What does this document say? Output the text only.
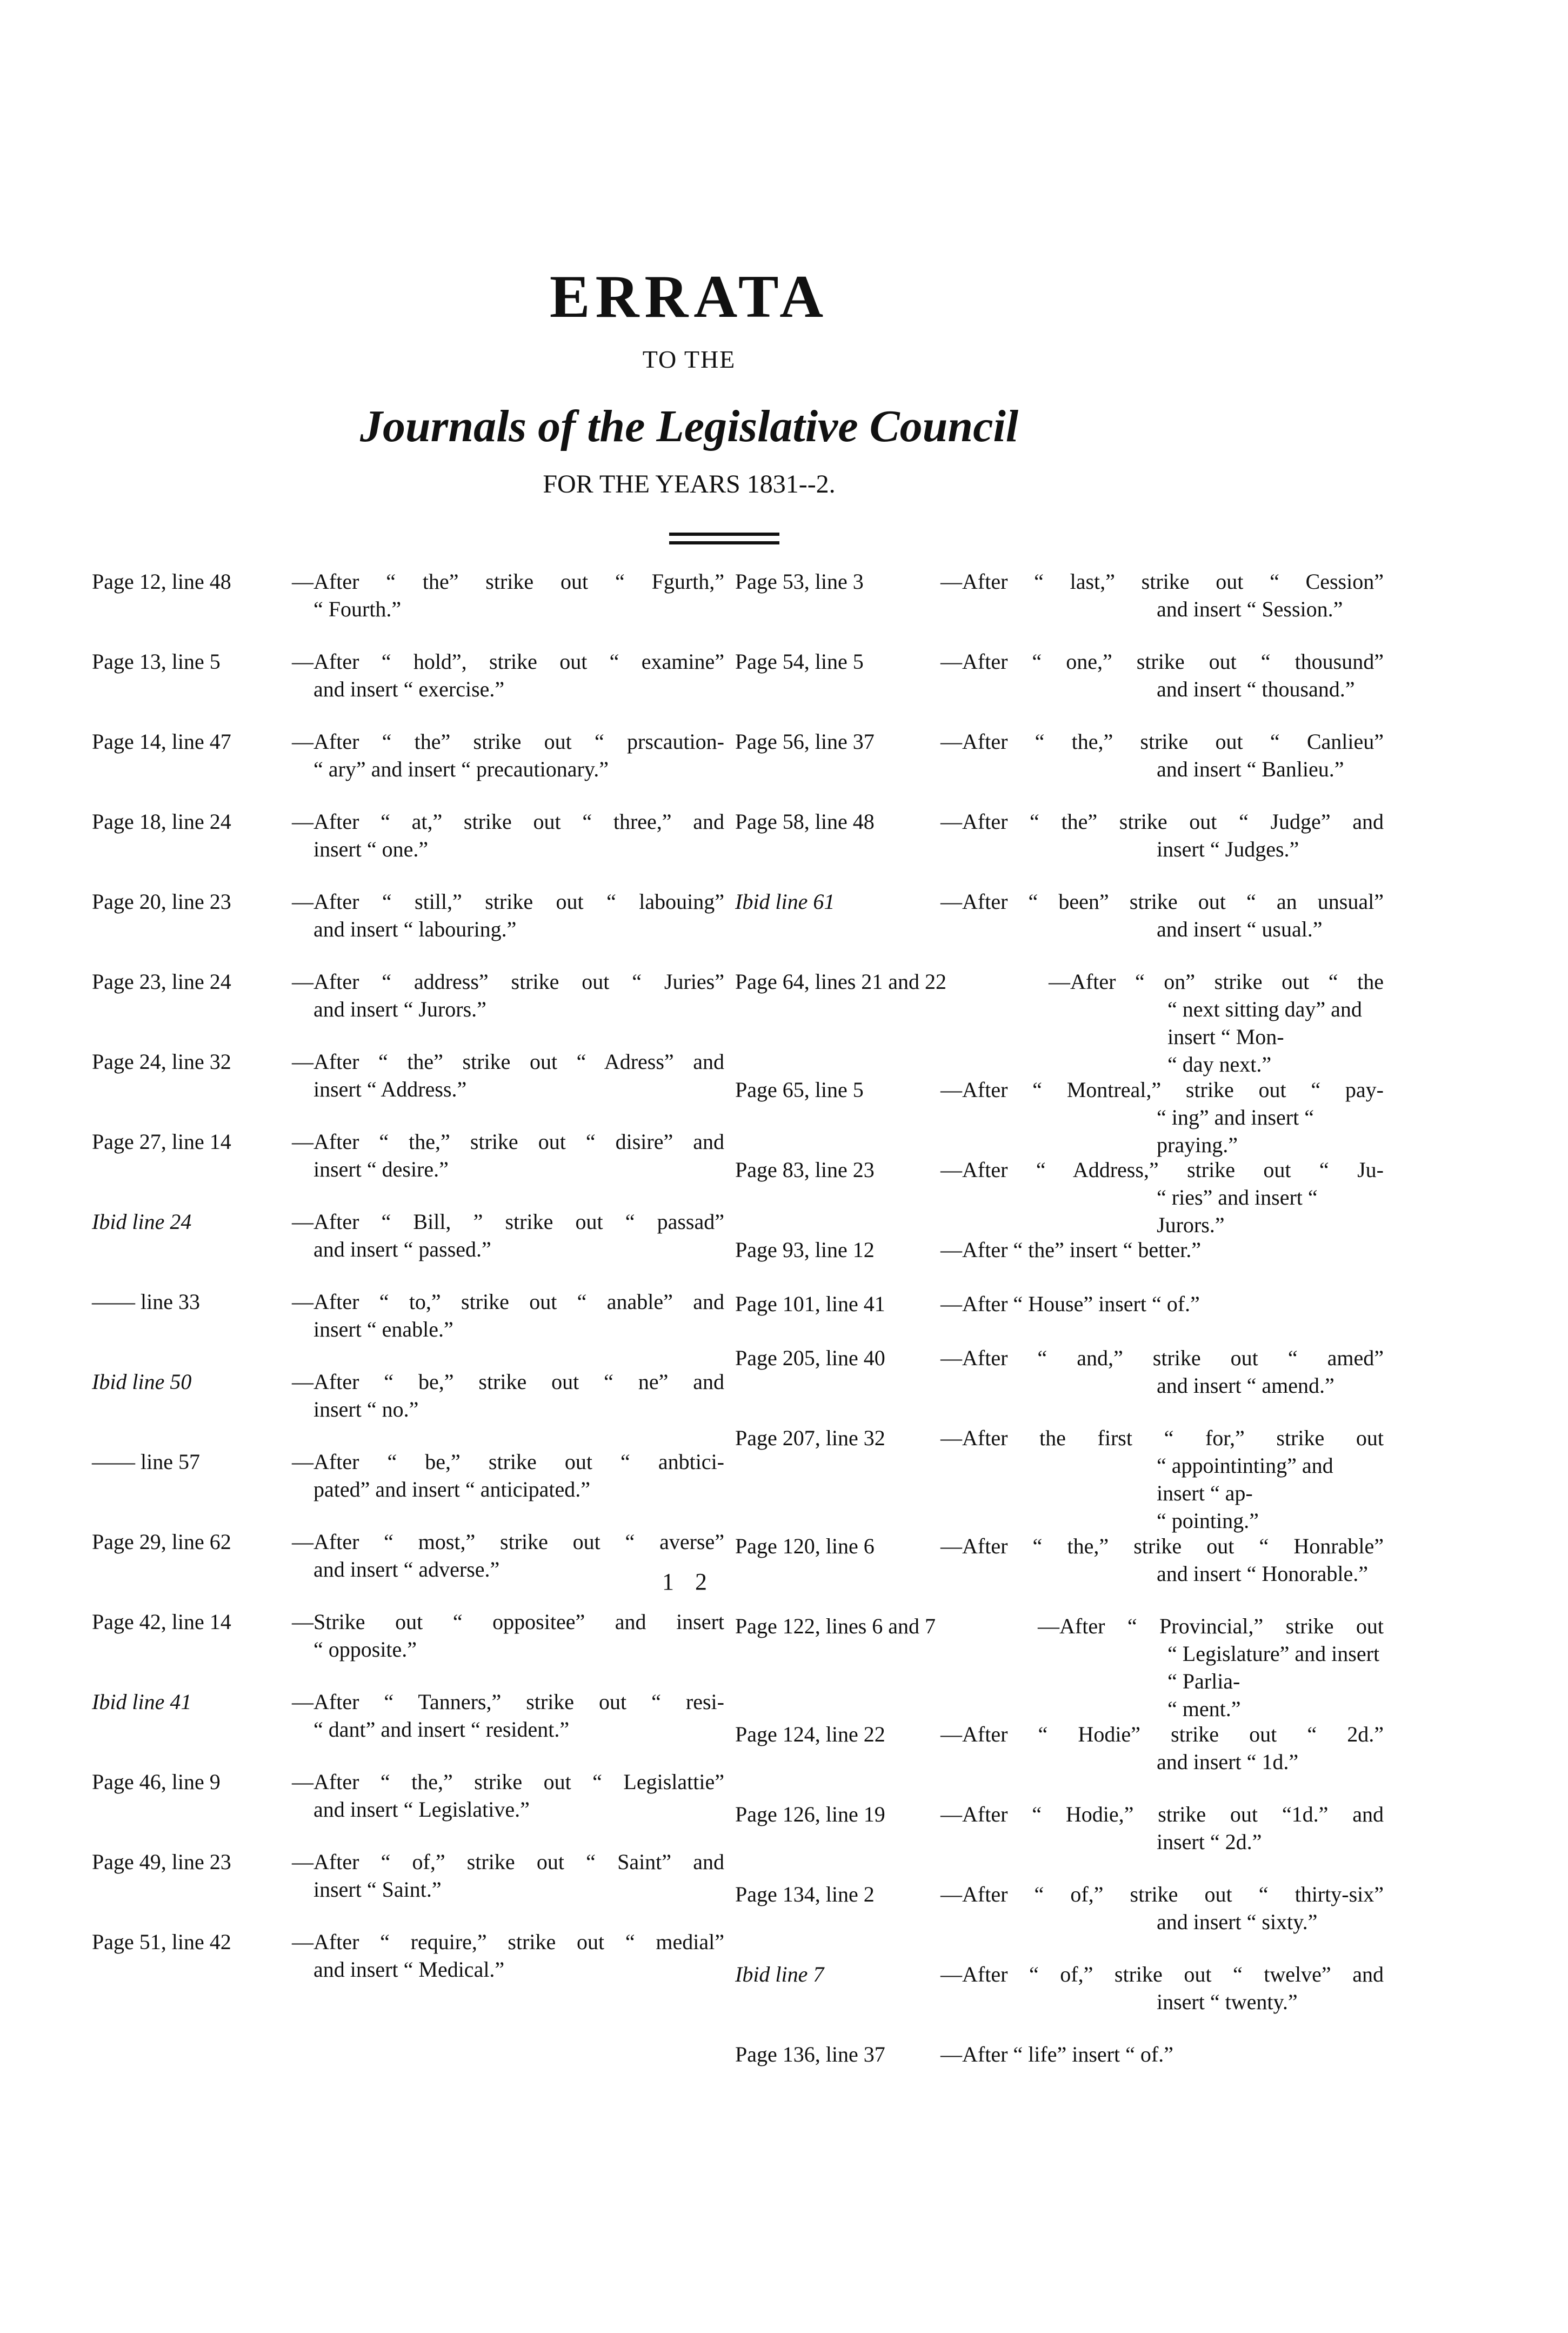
ERRATA
TO THE
Journals of the Legislative Council
FOR THE YEARS 1831--2.
Page 12, line 48	—After “ the” strike out “ Fgurth,”
“ Fourth.”
Page 13, line 5	—After “ hold”, strike out “ examine”
and insert “ exercise.”
Page 14, line 47	—After “ the” strike out “ prscaution-
“ ary” and insert “ precautionary.”
Page 18, line 24	—After “ at,” strike out “ three,” and
insert “ one.”
Page 20, line 23	—After “ still,” strike out “ labouing”
and insert “ labouring.”
Page 23, line 24	—After “ address” strike out “ Juries”
and insert “ Jurors.”
Page 24, line 32	—After “ the” strike out “ Adress” and
insert “ Address.”
Page 27, line 14	—After “ the,” strike out “ disire” and
insert “ desire.”
Ibid line 24	—After “ Bill, ” strike out “ passad”
and insert “ passed.”
—— line 33	—After “ to,” strike out “ anable” and
insert “ enable.”
Ibid line 50	—After “ be,” strike out “ ne” and
insert “ no.”
—— line 57	—After “ be,” strike out “ anbtici-
pated” and insert “ anticipated.”
Page 29, line 62	—After “ most,” strike out “ averse”
and insert “ adverse.”
Page 42, line 14	—Strike out “ oppositee” and insert
“ opposite.”
Ibid line 41	—After “ Tanners,” strike out “ resi-
“ dant” and insert “ resident.”
Page 46, line 9	—After “ the,” strike out “ Legislattie”
and insert “ Legislative.”
Page 49, line 23	—After “ of,” strike out “ Saint” and
insert “ Saint.”
Page 51, line 42	—After “ require,” strike out “ medial”
and insert “ Medical.”
Page 53, line 3	—After “ last,” strike out “ Cession”
and insert “ Session.”
Page 54, line 5	—After “ one,” strike out “ thousund”
and insert “ thousand.”
Page 56, line 37	—After “ the,” strike out “ Canlieu”
and insert “ Banlieu.”
Page 58, line 48	—After “ the” strike out “ Judge” and
insert “ Judges.”
Ibid line 61	—After “ been” strike out “ an unsual”
and insert “ usual.”
Page 64, lines 21 and 22	—After “ on” strike out “ the
“ next sitting day” and insert “ Mon-
“ day next.”
Page 65, line 5	—After “ Montreal,” strike out “ pay-
“ ing” and insert “ praying.”
Page 83, line 23	—After “ Address,” strike out “ Ju-
“ ries” and insert “ Jurors.”
Page 93, line 12	—After “ the” insert “ better.”
Page 101, line 41	—After “ House” insert “ of.”
Page 205, line 40	—After “ and,” strike out “ amed”
and insert “ amend.”
Page 207, line 32	—After the first “ for,” strike out
“ appointinting” and insert “ ap-
“ pointing.”
Page 120, line 6	—After “ the,” strike out “ Honrable”
and insert “ Honorable.”
Page 122, lines 6 and 7	—After “ Provincial,” strike out
“ Legislature” and insert “ Parlia-
“ ment.”
Page 124, line 22	—After “ Hodie” strike out “ 2d.”
and insert “ 1d.”
Page 126, line 19	—After “ Hodie,” strike out “1d.” and
insert “ 2d.”
Page 134, line 2	—After “ of,” strike out “ thirty-six”
and insert “ sixty.”
Ibid line 7	—After “ of,” strike out “ twelve” and
insert “ twenty.”
Page 136, line 37	—After “ life” insert “ of.”
1 2
